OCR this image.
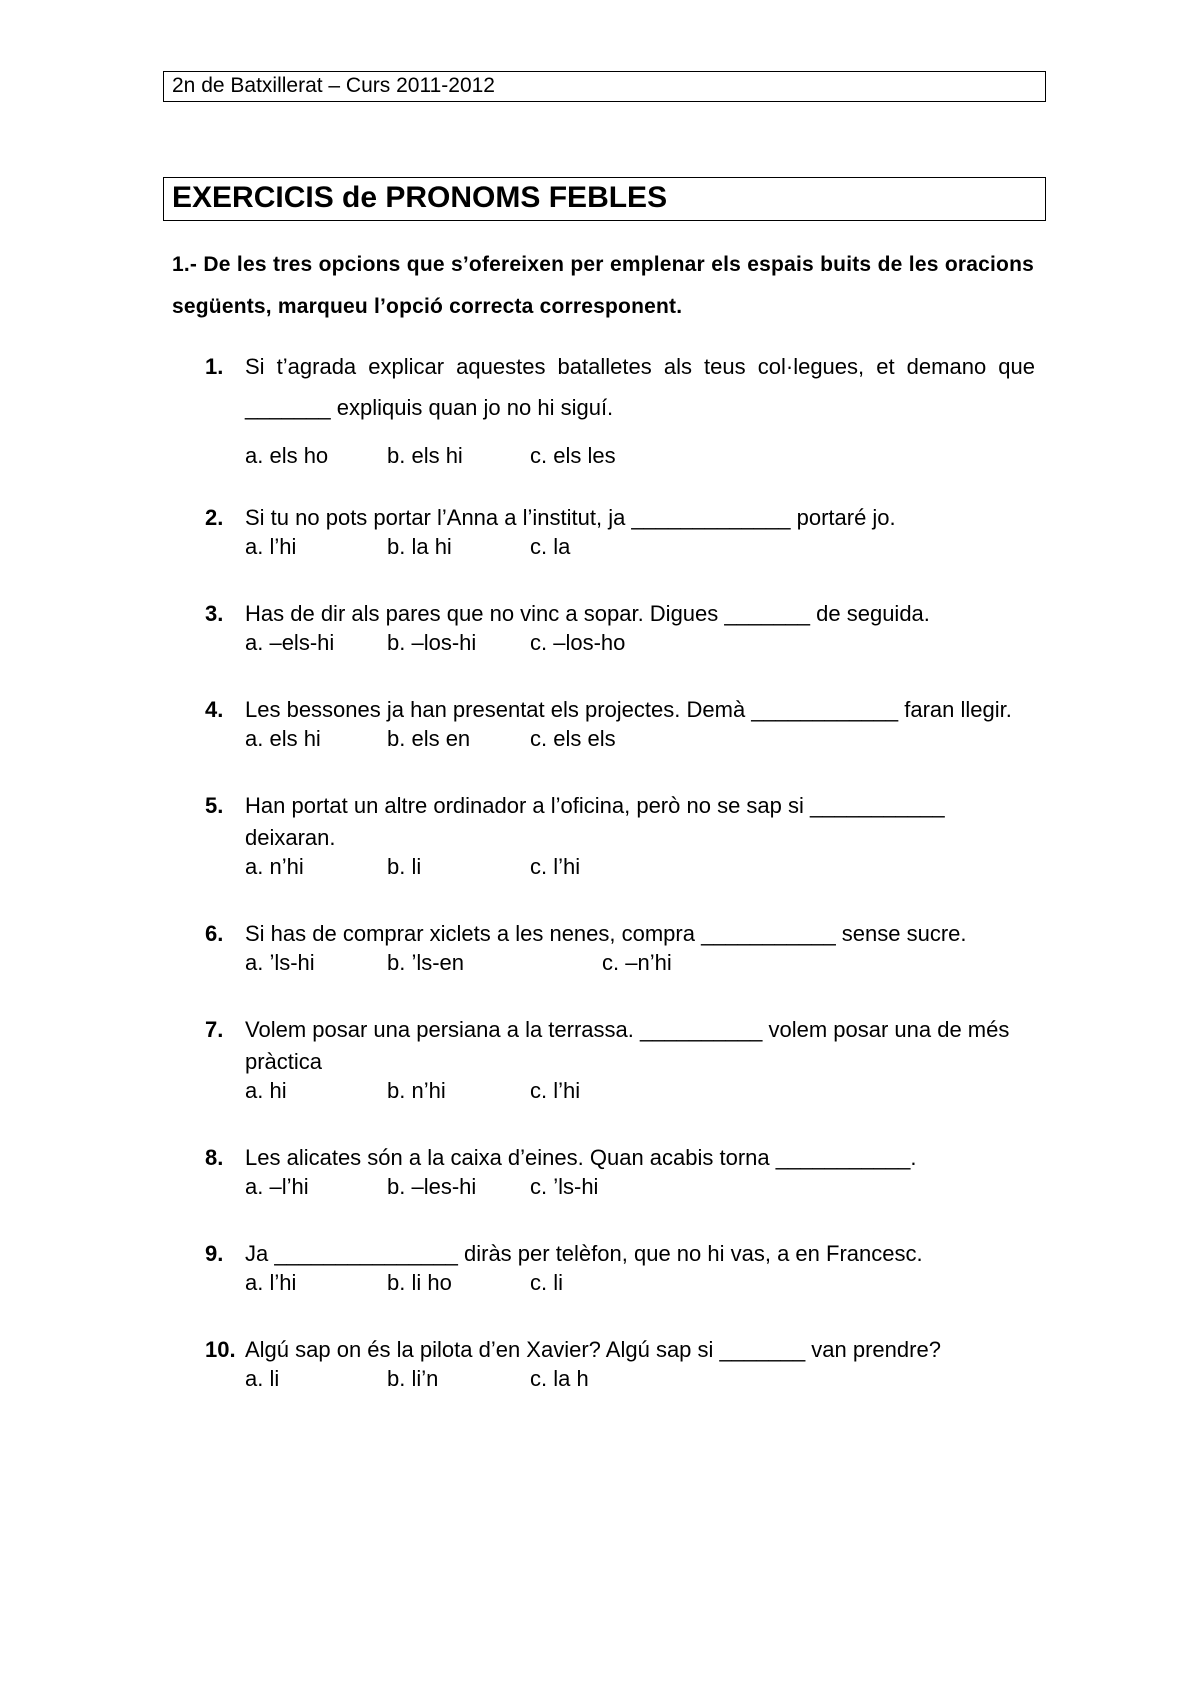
2n de Batxillerat – Curs 2011-2012
EXERCICIS de PRONOMS FEBLES
1.- De les tres opcions que s’ofereixen per emplenar els espais buits de les oracions següents, marqueu l’opció correcta corresponent.
1. Si t’agrada explicar aquestes batalletes als teus col·legues, et demano que _______ expliquis quan jo no hi siguí.
a. els ho	b. els hi	c. els les
2. Si tu no pots portar l’Anna a l’institut, ja _____________ portaré jo.
a. l’hi	b. la hi	c. la
3. Has de dir als pares que no vinc a sopar. Digues _______ de seguida.
a. –els-hi b. –los-hi c. –los-ho
4. Les bessones ja han presentat els projectes. Demà ____________ faran llegir.
a. els hi	b. els en	c. els els
5. Han portat un altre ordinador a l’oficina, però no se sap si ___________ deixaran.
a. n’hi	b. li	c. l’hi
6. Si has de comprar xiclets a les nenes, compra ___________ sense sucre.
a. ’ls-hi	b. ’ls-en	c. –n’hi
7. Volem posar una persiana a la terrassa. __________ volem posar una de més pràctica
a. hi	b. n’hi	c. l’hi
8. Les alicates són a la caixa d’eines. Quan acabis torna ___________.
a. –l’hi	b. –les-hi c. ’ls-hi
9. Ja _______________ diràs per telèfon, que no hi vas, a en Francesc.
a. l’hi	b. li ho	c. li
10. Algú sap on és la pilota d’en Xavier? Algú sap si _______ van prendre?
a. li	b. li’n	c. la h
